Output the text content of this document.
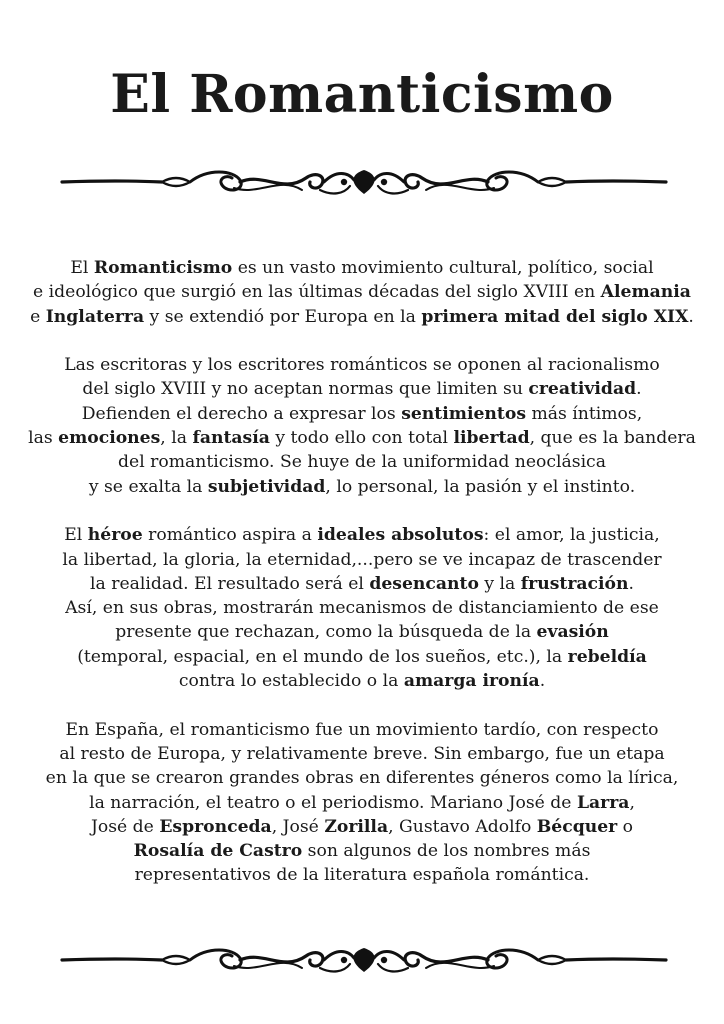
El Romanticismo

El Romanticismo es un vasto movimiento cultural, político, social
e ideológico que surgió en las últimas décadas del siglo XVIII en Alemania
e Inglaterra y se extendió por Europa en la primera mitad del siglo XIX.

Las escritoras y los escritores románticos se oponen al racionalismo
del siglo XVIII y no aceptan normas que limiten su creatividad.
Defienden el derecho a expresar los sentimientos más íntimos,
las emociones, la fantasía y todo ello con total libertad, que es la bandera
del romanticismo. Se huye de la uniformidad neoclásica
y se exalta la subjetividad, lo personal, la pasión y el instinto.

El héroe romántico aspira a ideales absolutos: el amor, la justicia,
la libertad, la gloria, la eternidad,...pero se ve incapaz de trascender
la realidad. El resultado será el desencanto y la frustración.
Así, en sus obras, mostrarán mecanismos de distanciamiento de ese
presente que rechazan, como la búsqueda de la evasión
(temporal, espacial, en el mundo de los sueños, etc.), la rebeldía
contra lo establecido o la amarga ironía.

En España, el romanticismo fue un movimiento tardío, con respecto
al resto de Europa, y relativamente breve. Sin embargo, fue un etapa
en la que se crearon grandes obras en diferentes géneros como la lírica,
la narración, el teatro o el periodismo. Mariano José de Larra,
José de Espronceda, José Zorilla, Gustavo Adolfo Bécquer o
Rosalía de Castro son algunos de los nombres más
representativos de la literatura española romántica.
